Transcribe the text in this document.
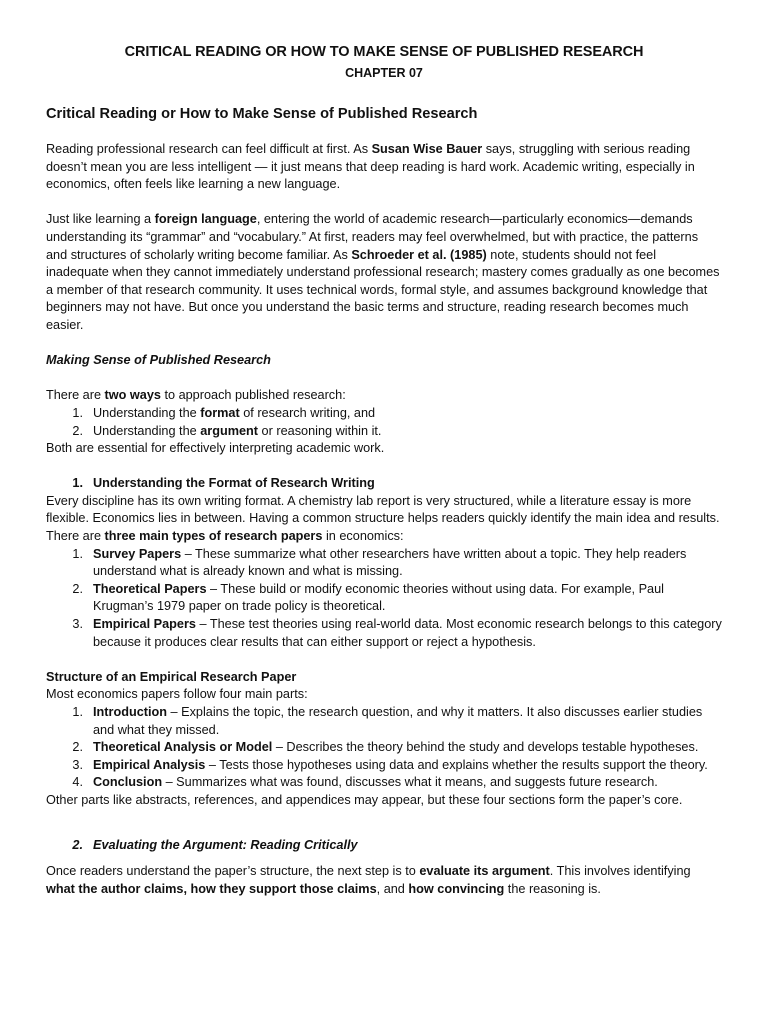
CRITICAL READING OR HOW TO MAKE SENSE OF PUBLISHED RESEARCH
CHAPTER 07
Critical Reading or How to Make Sense of Published Research

Reading professional research can feel difficult at first. As Susan Wise Bauer says, struggling with serious reading doesn’t mean you are less intelligent — it just means that deep reading is hard work. Academic writing, especially in economics, often feels like learning a new language.

Just like learning a foreign language, entering the world of academic research—particularly economics—demands understanding its “grammar” and “vocabulary.” At first, readers may feel overwhelmed, but with practice, the patterns and structures of scholarly writing become familiar. As Schroeder et al. (1985) note, students should not feel inadequate when they cannot immediately understand professional research; mastery comes gradually as one becomes a member of that research community. It uses technical words, formal style, and assumes background knowledge that beginners may not have. But once you understand the basic terms and structure, reading research becomes much easier.

Making Sense of Published Research

There are two ways to approach published research:

1. Understanding the format of research writing, and
2. Understanding the argument or reasoning within it.

Both are essential for effectively interpreting academic work.

1. Understanding the Format of Research Writing

Every discipline has its own writing format. A chemistry lab report is very structured, while a literature essay is more flexible. Economics lies in between. Having a common structure helps readers quickly identify the main idea and results.

There are three main types of research papers in economics:

1. Survey Papers – These summarize what other researchers have written about a topic. They help readers understand what is already known and what is missing.
2. Theoretical Papers – These build or modify economic theories without using data. For example, Paul Krugman’s 1979 paper on trade policy is theoretical.
3. Empirical Papers – These test theories using real-world data. Most economic research belongs to this category because it produces clear results that can either support or reject a hypothesis.

Structure of an Empirical Research Paper

Most economics papers follow four main parts:

1. Introduction – Explains the topic, the research question, and why it matters. It also discusses earlier studies and what they missed.
2. Theoretical Analysis or Model – Describes the theory behind the study and develops testable hypotheses.
3. Empirical Analysis – Tests those hypotheses using data and explains whether the results support the theory.
4. Conclusion – Summarizes what was found, discusses what it means, and suggests future research.

Other parts like abstracts, references, and appendices may appear, but these four sections form the paper’s core.

2. Evaluating the Argument: Reading Critically

Once readers understand the paper’s structure, the next step is to evaluate its argument. This involves identifying what the author claims, how they support those claims, and how convincing the reasoning is.
